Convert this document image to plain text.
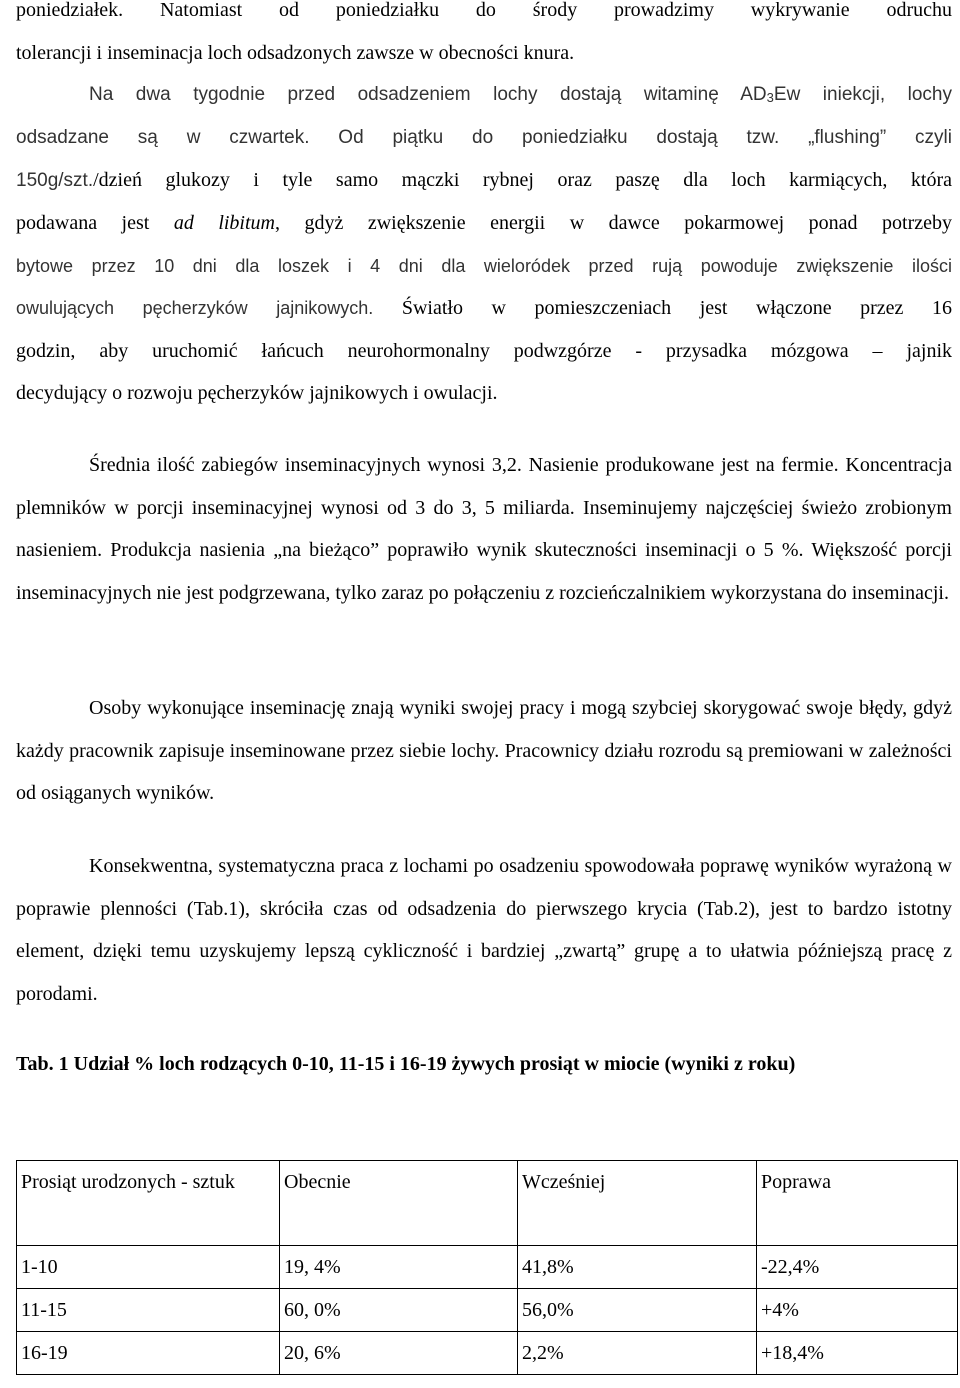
poniedziałek. Natomiast od poniedziałku do środy prowadzimy wykrywanie odruchu
tolerancji i inseminacja loch odsadzonych zawsze w obecności knura.
Na dwa tygodnie przed odsadzeniem lochy dostają witaminę $AD_3Ew$ iniekcji, lochy
odsadzane są w czwartek. Od piątku do poniedziałku dostają tzw. „flushing” czyli
150g/szt./dzień glukozy i tyle samo mączki rybnej oraz paszę dla loch karmiących, która
podawana jest ad libitum, gdyż zwiększenie energii w dawce pokarmowej ponad potrzeby
bytowe przez 10 dni dla loszek i 4 dni dla wieloródek przed rują powoduje zwiększenie ilości
owulujących pęcherzyków jajnikowych. Światło w pomieszczeniach jest włączone przez 16
godzin, aby uruchomić łańcuch neurohormonalny podwzgórze - przysadka mózgowa – jajnik
decydujący o rozwoju pęcherzyków jajnikowych i owulacji.

Średnia ilość zabiegów inseminacyjnych wynosi 3,2. Nasienie produkowane jest na fermie. Koncentracja plemników w porcji inseminacyjnej wynosi od 3 do 3, 5 miliarda. Inseminujemy najczęściej świeżo zrobionym nasieniem. Produkcja nasienia „na bieżąco” poprawiło wynik skuteczności inseminacji o 5 %. Większość porcji inseminacyjnych nie jest podgrzewana, tylko zaraz po połączeniu z rozcieńczalnikiem wykorzystana do inseminacji.

Osoby wykonujące inseminację znają wyniki swojej pracy i mogą szybciej skorygować swoje błędy, gdyż każdy pracownik zapisuje inseminowane przez siebie lochy. Pracownicy działu rozrodu są premiowani w zależności od osiąganych wyników.

Konsekwentna, systematyczna praca z lochami po osadzeniu spowodowała poprawę wyników wyrażoną w poprawie plenności (Tab.1), skróciła czas od odsadzenia do pierwszego krycia (Tab.2), jest to bardzo istotny element, dzięki temu uzyskujemy lepszą cykliczność i bardziej „zwartą” grupę a to ułatwia późniejszą pracę z porodami.

Tab. 1 Udział % loch rodzących 0-10, 11-15 i 16-19 żywych prosiąt w miocie (wyniki z roku)

Prosiąt urodzonych - sztuk	Obecnie	Wcześniej	Poprawa
1-10	19, 4%	41,8%	-22,4%
11-15	60, 0%	56,0%	+4%
16-19	20, 6%	2,2%	+18,4%
